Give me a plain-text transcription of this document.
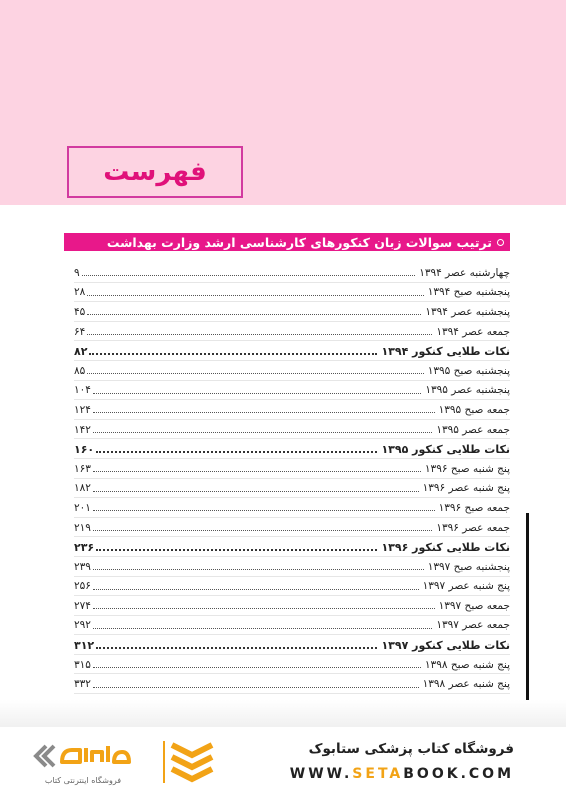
فهرست
ترتیب سوالات زبان کنکورهای کارشناسی ارشد وزارت بهداشت
چهارشنبه عصر ۱۳۹۴
۹
پنجشنبه صبح ۱۳۹۴
۲۸
پنجشنبه عصر ۱۳۹۴
۴۵
جمعه عصر ۱۳۹۴
۶۴
نکات طلایی کنکور ۱۳۹۴
۸۲
پنجشنبه صبح ۱۳۹۵
۸۵
پنجشنبه عصر ۱۳۹۵
۱۰۴
جمعه صبح ۱۳۹۵
۱۲۴
جمعه عصر ۱۳۹۵
۱۴۲
نکات طلایی کنکور ۱۳۹۵
۱۶۰
پنج شنبه صبح ۱۳۹۶
۱۶۳
پنج شنبه عصر ۱۳۹۶
۱۸۲
جمعه صبح ۱۳۹۶
۲۰۱
جمعه عصر ۱۳۹۶
۲۱۹
نکات طلایی کنکور ۱۳۹۶
۲۳۶
پنجشنبه صبح ۱۳۹۷
۲۳۹
پنج شنبه عصر ۱۳۹۷
۲۵۶
جمعه صبح ۱۳۹۷
۲۷۴
جمعه عصر ۱۳۹۷
۲۹۲
نکات طلایی کنکور ۱۳۹۷
۳۱۲
پنج شنبه صبح ۱۳۹۸
۳۱۵
پنج شنبه عصر ۱۳۹۸
۳۳۲
فروشگاه اینترنتی کتاب
فروشگاه کتاب پزشکی ستابوک
WWW.SETABOOK.COM
